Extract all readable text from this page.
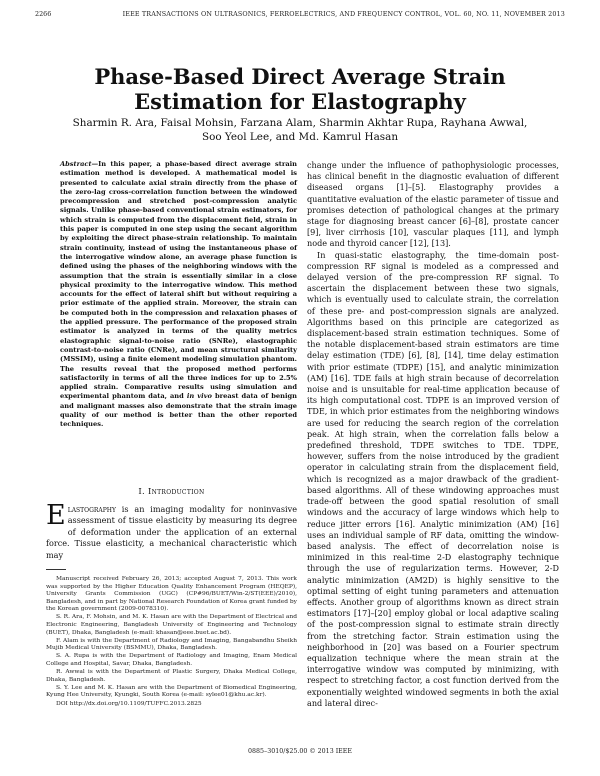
2266	IEEE TRANSACTIONS ON ULTRASONICS, FERROELECTRICS, AND FREQUENCY CONTROL, VOL. 60, NO. 11, NOVEMBER 2013
Phase-Based Direct Average Strain
Estimation for Elastography
Sharmin R. Ara, Faisal Mohsin, Farzana Alam, Sharmin Akhtar Rupa, Rayhana Awwal,
Soo Yeol Lee, and Md. Kamrul Hasan
Abstract—In this paper, a phase-based direct average strain estimation method is developed. A mathematical model is presented to calculate axial strain directly from the phase of the zero-lag cross-correlation function between the windowed precompression and stretched post-compression analytic signals. Unlike phase-based conventional strain estimators, for which strain is computed from the displacement field, strain in this paper is computed in one step using the secant algorithm by exploiting the direct phase-strain relationship. To maintain strain continuity, instead of using the instantaneous phase of the interrogative window alone, an average phase function is defined using the phases of the neighboring windows with the assumption that the strain is essentially similar in a close physical proximity to the interrogative window. This method accounts for the effect of lateral shift but without requiring a prior estimate of the applied strain. Moreover, the strain can be computed both in the compression and relaxation phases of the applied pressure. The performance of the proposed strain estimator is analyzed in terms of the quality metrics elastographic signal-to-noise ratio (SNRe), elastographic contrast-to-noise ratio (CNRe), and mean structural similarity (MSSIM), using a finite element modeling simulation phantom. The results reveal that the proposed method performs satisfactorily in terms of all the three indices for up to 2.5% applied strain. Comparative results using simulation and experimental phantom data, and in vivo breast data of benign and malignant masses also demonstrate that the strain image quality of our method is better than the other reported techniques.
I. Introduction
Elastography is an imaging modality for noninvasive assessment of tissue elasticity by measuring its degree of deformation under the application of an external force. Tissue elasticity, a mechanical characteristic which may

Manuscript received February 26, 2013; accepted August 7, 2013. This work was supported by the Higher Education Quality Enhancement Program (HEQEP), University Grants Commission (UGC) (CP#96/BUET/Win-2/ST(EEE)/2010), Bangladesh, and in part by National Research Foundation of Korea grant funded by the Korean government (2009-0078310).

S. R. Ara, F. Mohsin, and M. K. Hasan are with the Department of Electrical and Electronic Engineering, Bangladesh University of Engineering and Technology (BUET), Dhaka, Bangladesh (e-mail: khasan@eee.buet.ac.bd).

F. Alam is with the Department of Radiology and Imaging, Bangabandhu Sheikh Mujib Medical University (BSMMU), Dhaka, Bangladesh.

S. A. Rupa is with the Department of Radiology and Imaging, Enam Medical College and Hospital, Savar, Dhaka, Bangladesh.

R. Awwal is with the Department of Plastic Surgery, Dhaka Medical College, Dhaka, Bangladesh.

S. Y. Lee and M. K. Hasan are with the Department of Biomedical Engineering, Kyung Hee University, Kyungki, South Korea (e-mail: sylee01@khu.ac.kr).

DOI http://dx.doi.org/10.1109/TUFFC.2013.2825

change under the influence of pathophysiologic processes, has clinical benefit in the diagnostic evaluation of different diseased organs [1]–[5]. Elastography provides a quantitative evaluation of the elastic parameter of tissue and promises detection of pathological changes at the primary stage for diagnosing breast cancer [6]–[8], prostate cancer [9], liver cirrhosis [10], vascular plaques [11], and lymph node and thyroid cancer [12], [13].

In quasi-static elastography, the time-domain post-compression RF signal is modeled as a compressed and delayed version of the pre-compression RF signal. To ascertain the displacement between these two signals, which is eventually used to calculate strain, the correlation of these pre- and post-compression signals are analyzed. Algorithms based on this principle are categorized as displacement-based strain estimation techniques. Some of the notable displacement-based strain estimators are time delay estimation (TDE) [6], [8], [14], time delay estimation with prior estimate (TDPE) [15], and analytic minimization (AM) [16]. TDE fails at high strain because of decorrelation noise and is unsuitable for real-time application because of its high computational cost. TDPE is an improved version of TDE, in which prior estimates from the neighboring windows are used for reducing the search region of the correlation peak. At high strain, when the correlation falls below a predefined threshold, TDPE switches to TDE. TDPE, however, suffers from the noise introduced by the gradient operator in calculating strain from the displacement field, which is recognized as a major drawback of the gradient-based algorithms. All of these windowing approaches must trade-off between the good spatial resolution of small windows and the accuracy of large windows which help to reduce jitter errors [16]. Analytic minimization (AM) [16] uses an individual sample of RF data, omitting the window-based analysis. The effect of decorrelation noise is minimized in this real-time 2-D elastography technique through the use of regularization terms. However, 2-D analytic minimization (AM2D) is highly sensitive to the optimal setting of eight tuning parameters and attenuation effects. Another group of algorithms known as direct strain estimators [17]–[20] employ global or local adaptive scaling of the post-compression signal to estimate strain directly from the stretching factor. Strain estimation using the neighborhood in [20] was based on a Fourier spectrum equalization technique where the mean strain at the interrogative window was computed by minimizing, with respect to stretching factor, a cost function derived from the exponentially weighted windowed segments in both the axial and lateral direc-

0885–3010/$25.00 © 2013 IEEE
